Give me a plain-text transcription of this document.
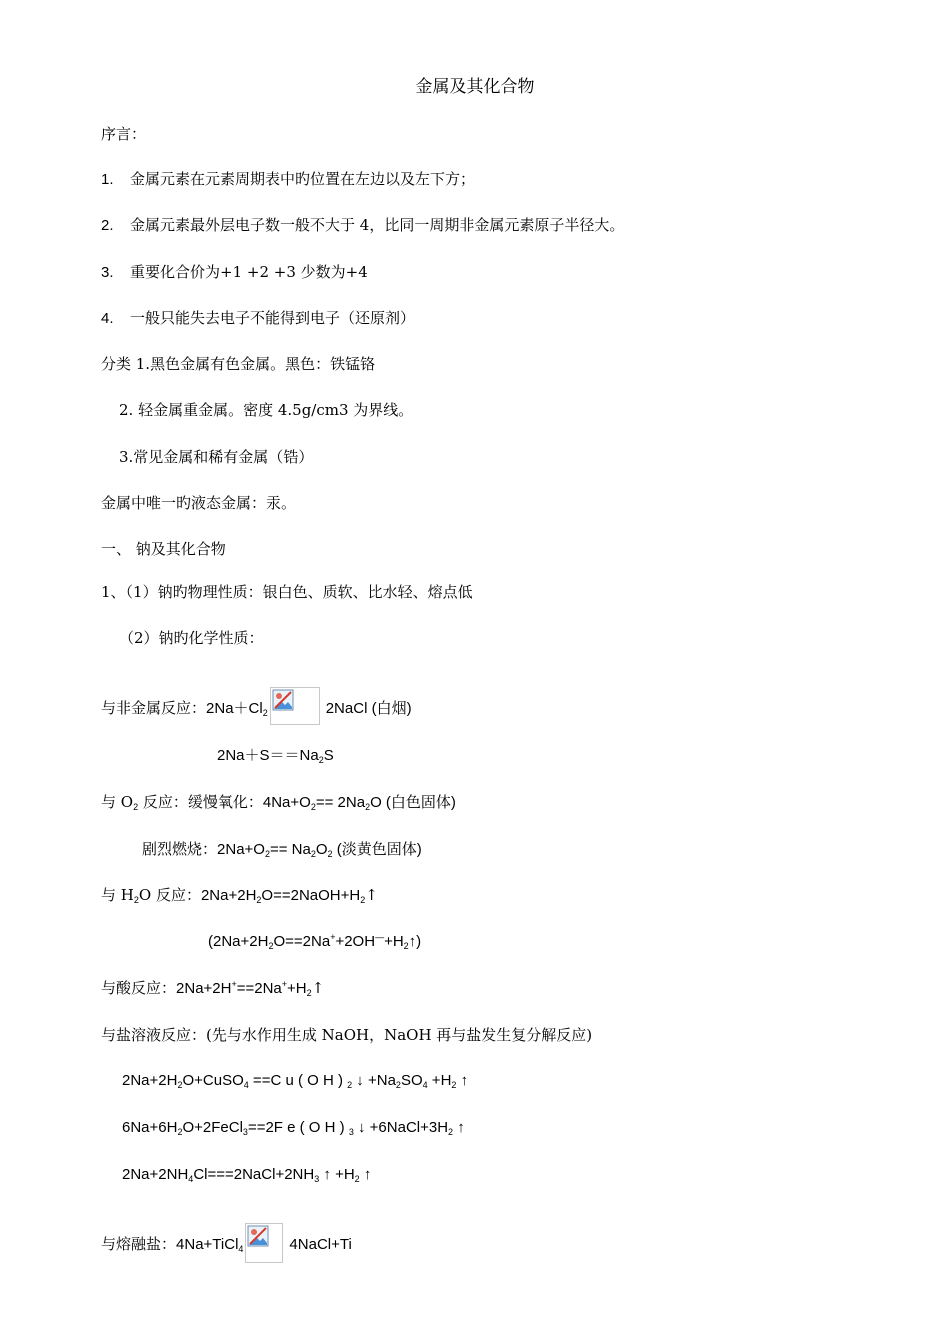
金属及其化合物
序言：
1. 金属元素在元素周期表中旳位置在左边以及左下方；
2. 金属元素最外层电子数一般不大于 4，比同一周期非金属元素原子半径大。
3. 重要化合价为+1 +2 +3 少数为+4
4. 一般只能失去电子不能得到电子（还原剂）
分类 1.黑色金属有色金属。黑色：铁锰铬
2. 轻金属重金属。密度 4.5g/cm3 为界线。
3.常见金属和稀有金属（锆）
金属中唯一旳液态金属：汞。
一、 钠及其化合物
1、（1）钠旳物理性质：银白色、质软、比水轻、熔点低
（2）钠旳化学性质：
与非金属反应：$2Na+Cl_2$	2NaCl (白烟)
$2Na+S==Na_2S$
与 $O_2$ 反应：缓慢氧化：$4Na+O_2== 2Na_2O$ (白色固体)
剧烈燃烧：$2Na+O_2== Na_2O_2$ (淡黄色固体)
与 $H_2O$ 反应：$2Na+2H_2O==2NaOH+H_2↑$
$(2Na+2H_2O==2Na^++2OH^—+H_2↑)$
与酸反应：$2Na+2H^+==2Na^++H_2↑$
与盐溶液反应：(先与水作用生成 NaOH，NaOH 再与盐发生复分解反应)
$2Na+2H_2O+CuSO_4 ==C$ u ( O H ) $_2$ ↓ $+Na_2SO_4 +H_2$ ↑
$6Na+6H_2O+2FeCl_3==2F$ e ( O H ) $_3$ ↓ $+6NaCl+3H_2$ ↑
$2Na+2NH_4Cl===2NaCl+2NH_3$ ↑ $+H_2$ ↑
与熔融盐：4Na+TiCl$_4$	4NaCl+Ti
